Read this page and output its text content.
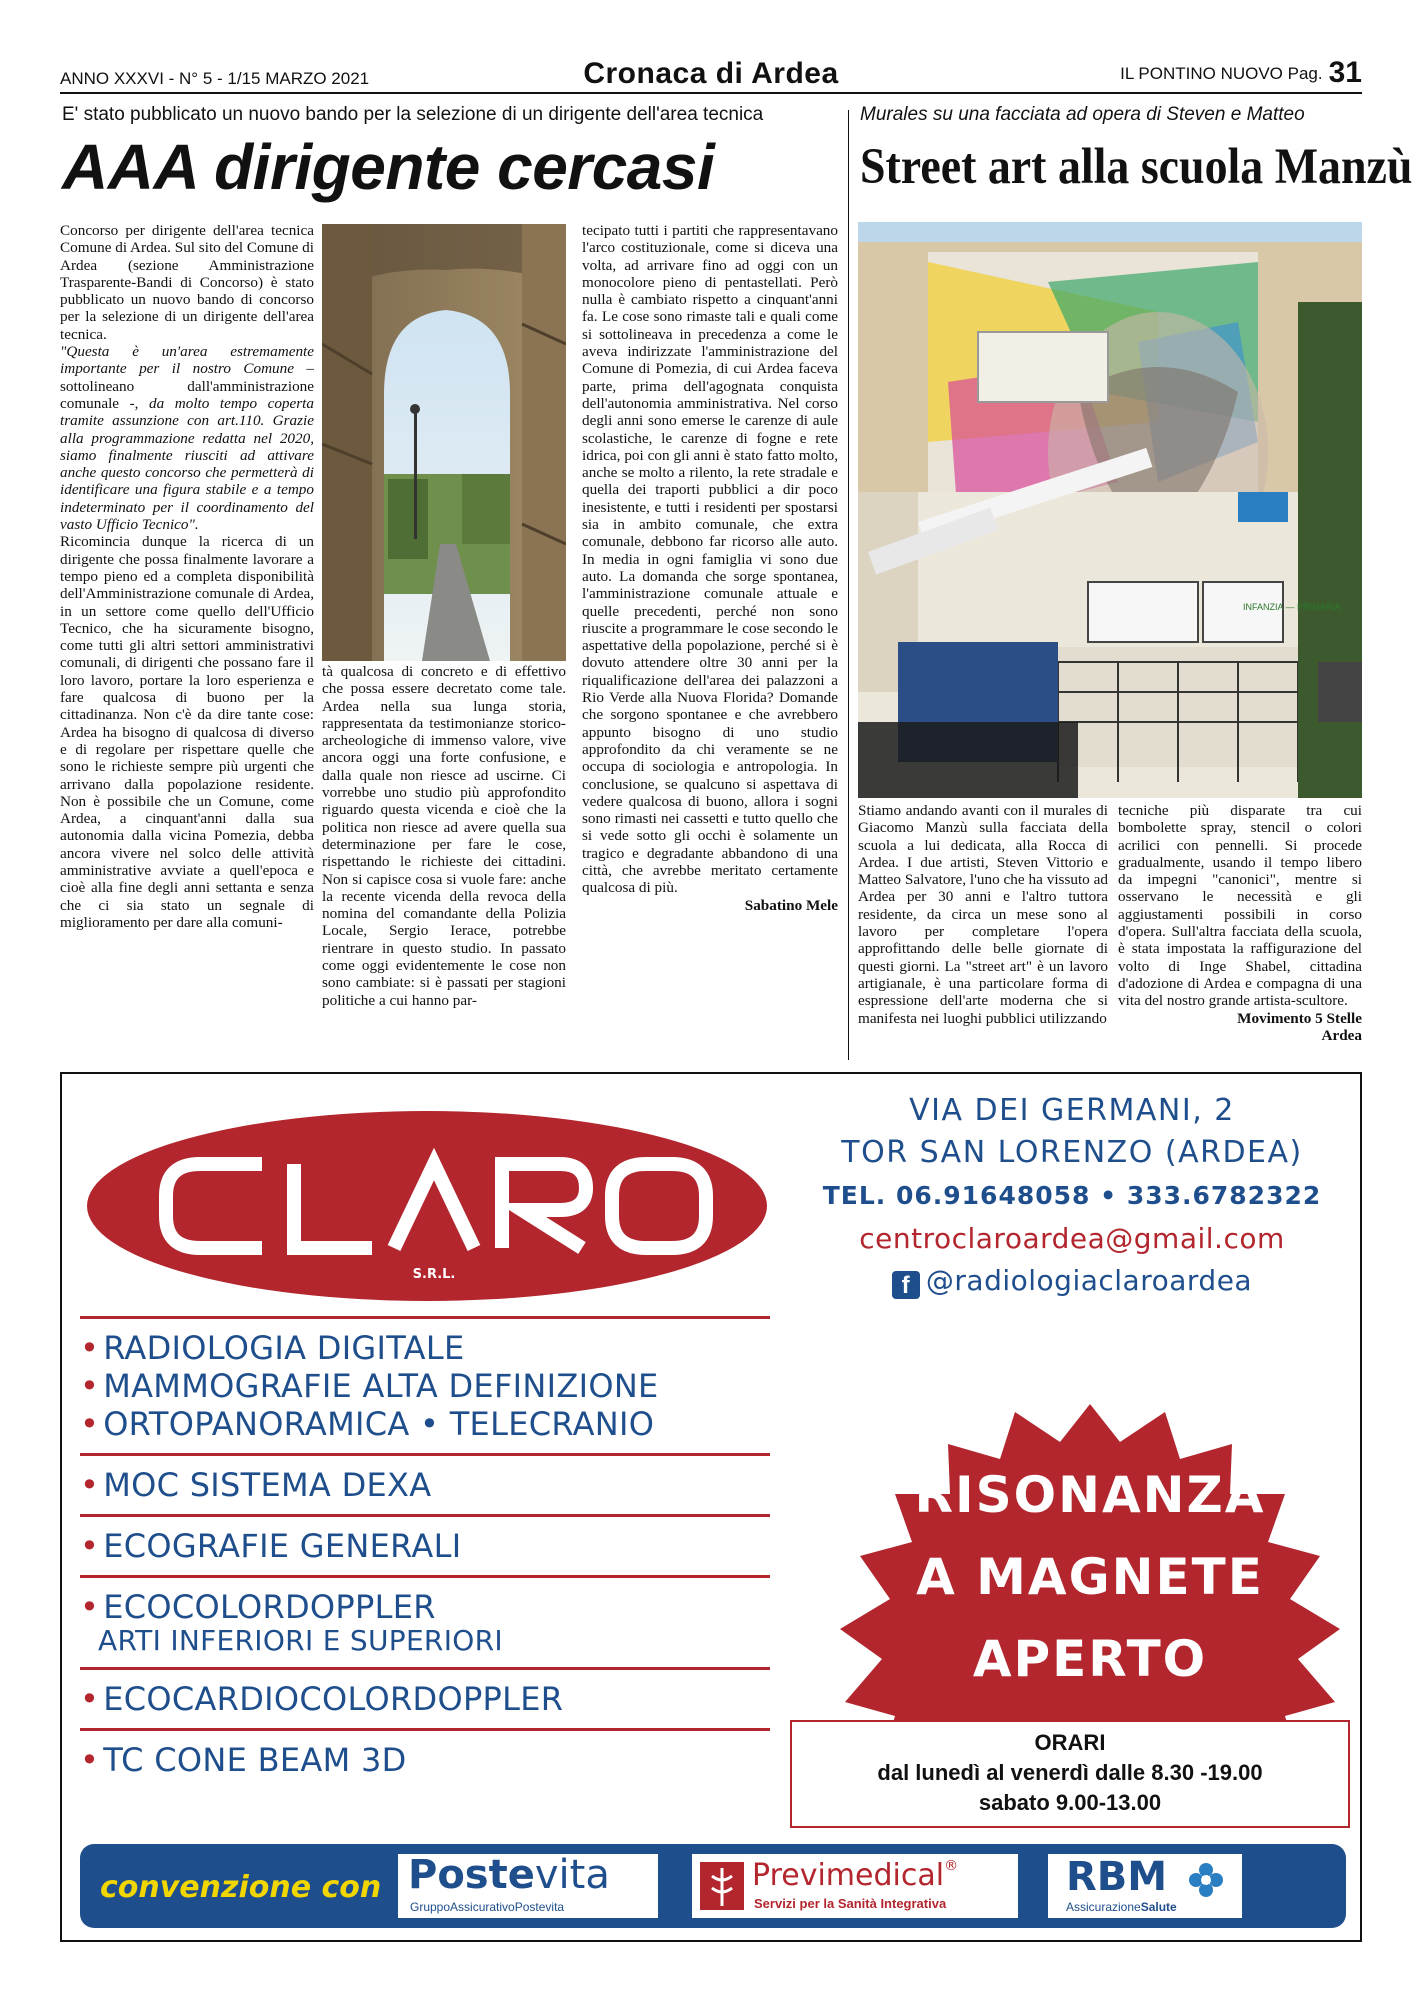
ANNO XXXVI - N° 5 - 1/15 MARZO 2021	Cronaca di Ardea	IL PONTINO NUOVO Pag. 31
E' stato pubblicato un nuovo bando per la selezione di un dirigente dell'area tecnica
AAA dirigente cercasi
Concorso per dirigente dell'area tecnica Comune di Ardea. Sul sito del Comune di Ardea (sezione Amministrazione Trasparente-Bandi di Concorso) è stato pubblicato un nuovo bando di concorso per la selezione di un dirigente dell'area tecnica.
"Questa è un'area estremamente importante per il nostro Comune – sottolineano dall'amministrazione comunale -, da molto tempo coperta tramite assunzione con art.110. Grazie alla programmazione redatta nel 2020, siamo finalmente riusciti ad attivare anche questo concorso che permetterà di identificare una figura stabile e a tempo indeterminato per il coordinamento del vasto Ufficio Tecnico".
Ricomincia dunque la ricerca di un dirigente che possa finalmente lavorare a tempo pieno ed a completa disponibilità dell'Amministrazione comunale di Ardea, in un settore come quello dell'Ufficio Tecnico, che ha sicuramente bisogno, come tutti gli altri settori amministrativi comunali, di dirigenti che possano fare il loro lavoro, portare la loro esperienza e fare qualcosa di buono per la cittadinanza. Non c'è da dire tante cose: Ardea ha bisogno di qualcosa di diverso e di regolare per rispettare quelle che sono le richieste sempre più urgenti che arrivano dalla popolazione residente. Non è possibile che un Comune, come Ardea, a cinquant'anni dalla sua autonomia dalla vicina Pomezia, debba ancora vivere nel solco delle attività amministrative avviate a quell'epoca e cioè alla fine degli anni settanta e senza che ci sia stato un segnale di miglioramento per dare alla comuni-
tà qualcosa di concreto e di effettivo che possa essere decretato come tale. Ardea nella sua lunga storia, rappresentata da testimonianze storico-archeologiche di immenso valore, vive ancora oggi una forte confusione, e dalla quale non riesce ad uscirne. Ci vorrebbe uno studio più approfondito riguardo questa vicenda e cioè che la politica non riesce ad avere quella sua determinazione per fare le cose, rispettando le richieste dei cittadini. Non si capisce cosa si vuole fare: anche la recente vicenda della revoca della nomina del comandante della Polizia Locale, Sergio Ierace, potrebbe rientrare in questo studio. In passato come oggi evidentemente le cose non sono cambiate: si è passati per stagioni politiche a cui hanno par-
tecipato tutti i partiti che rappresentavano l'arco costituzionale, come si diceva una volta, ad arrivare fino ad oggi con un monocolore pieno di pentastellati. Però nulla è cambiato rispetto a cinquant'anni fa. Le cose sono rimaste tali e quali come si sottolineava in precedenza a come le aveva indirizzate l'amministrazione del Comune di Pomezia, di cui Ardea faceva parte, prima dell'agognata conquista dell'autonomia amministrativa. Nel corso degli anni sono emerse le carenze di aule scolastiche, le carenze di fogne e rete idrica, poi con gli anni è stato fatto molto, anche se molto a rilento, la rete stradale e quella dei traporti pubblici a dir poco inesistente, e tutti i residenti per spostarsi sia in ambito comunale, che extra comunale, debbono far ricorso alle auto. In media in ogni famiglia vi sono due auto. La domanda che sorge spontanea, l'amministrazione comunale attuale e quelle precedenti, perché non sono riuscite a programmare le cose secondo le aspettative della popolazione, perché si è dovuto attendere oltre 30 anni per la riqualificazione dell'area dei palazzoni a Rio Verde alla Nuova Florida? Domande che sorgono spontanee e che avrebbero appunto bisogno di uno studio approfondito da chi veramente se ne occupa di sociologia e antropologia. In conclusione, se qualcuno si aspettava di vedere qualcosa di buono, allora i sogni sono rimasti nei cassetti e tutto quello che si vede sotto gli occhi è solamente un tragico e degradante abbandono di una città, che avrebbe meritato certamente qualcosa di più.
Sabatino Mele
Murales su una facciata ad opera di Steven e Matteo
Street art alla scuola Manzù
INFANZIA — PRIMARIA
Stiamo andando avanti con il murales di Giacomo Manzù sulla facciata della scuola a lui dedicata, alla Rocca di Ardea. I due artisti, Steven Vittorio e Matteo Salvatore, l'uno che ha vissuto ad Ardea per 30 anni e l'altro tuttora residente, da circa un mese sono al lavoro per completare l'opera approfittando delle belle giornate di questi giorni. La "street art" è un lavoro artigianale, è una particolare forma di espressione dell'arte moderna che si manifesta nei luoghi pubblici utilizzando
tecniche più disparate tra cui bombolette spray, stencil o colori acrilici con pennelli. Si procede gradualmente, usando il tempo libero da impegni "canonici", mentre si osservano le necessità e gli aggiustamenti possibili in corso d'opera. Sull'altra facciata della scuola, è stata impostata la raffigurazione del volto di Inge Shabel, cittadina d'adozione di Ardea e compagna di una vita del nostro grande artista-scultore.
Movimento 5 Stelle
Ardea
S.R.L.
CLARO
VIA DEI GERMANI, 2
TOR SAN LORENZO (ARDEA)
TEL. 06.91648058 • 333.6782322
centroclaroardea@gmail.com
f @radiologiaclaroardea
• RADIOLOGIA DIGITALE
• MAMMOGRAFIE ALTA DEFINIZIONE
• ORTOPANORAMICA • TELECRANIO
• MOC SISTEMA DEXA
• ECOGRAFIE GENERALI
• ECOCOLORDOPPLER
ARTI INFERIORI E SUPERIORI
• ECOCARDIOCOLORDOPPLER
• TC CONE BEAM 3D
RISONANZA
A MAGNETE
APERTO
ORARI
dal lunedì al venerdì dalle 8.30 -19.00
sabato 9.00-13.00
convenzione con Postevita
GruppoAssicurativoPostevita
Previmedical®
Servizi per la Sanità Integrativa
RBM
AssicurazioneSalute
